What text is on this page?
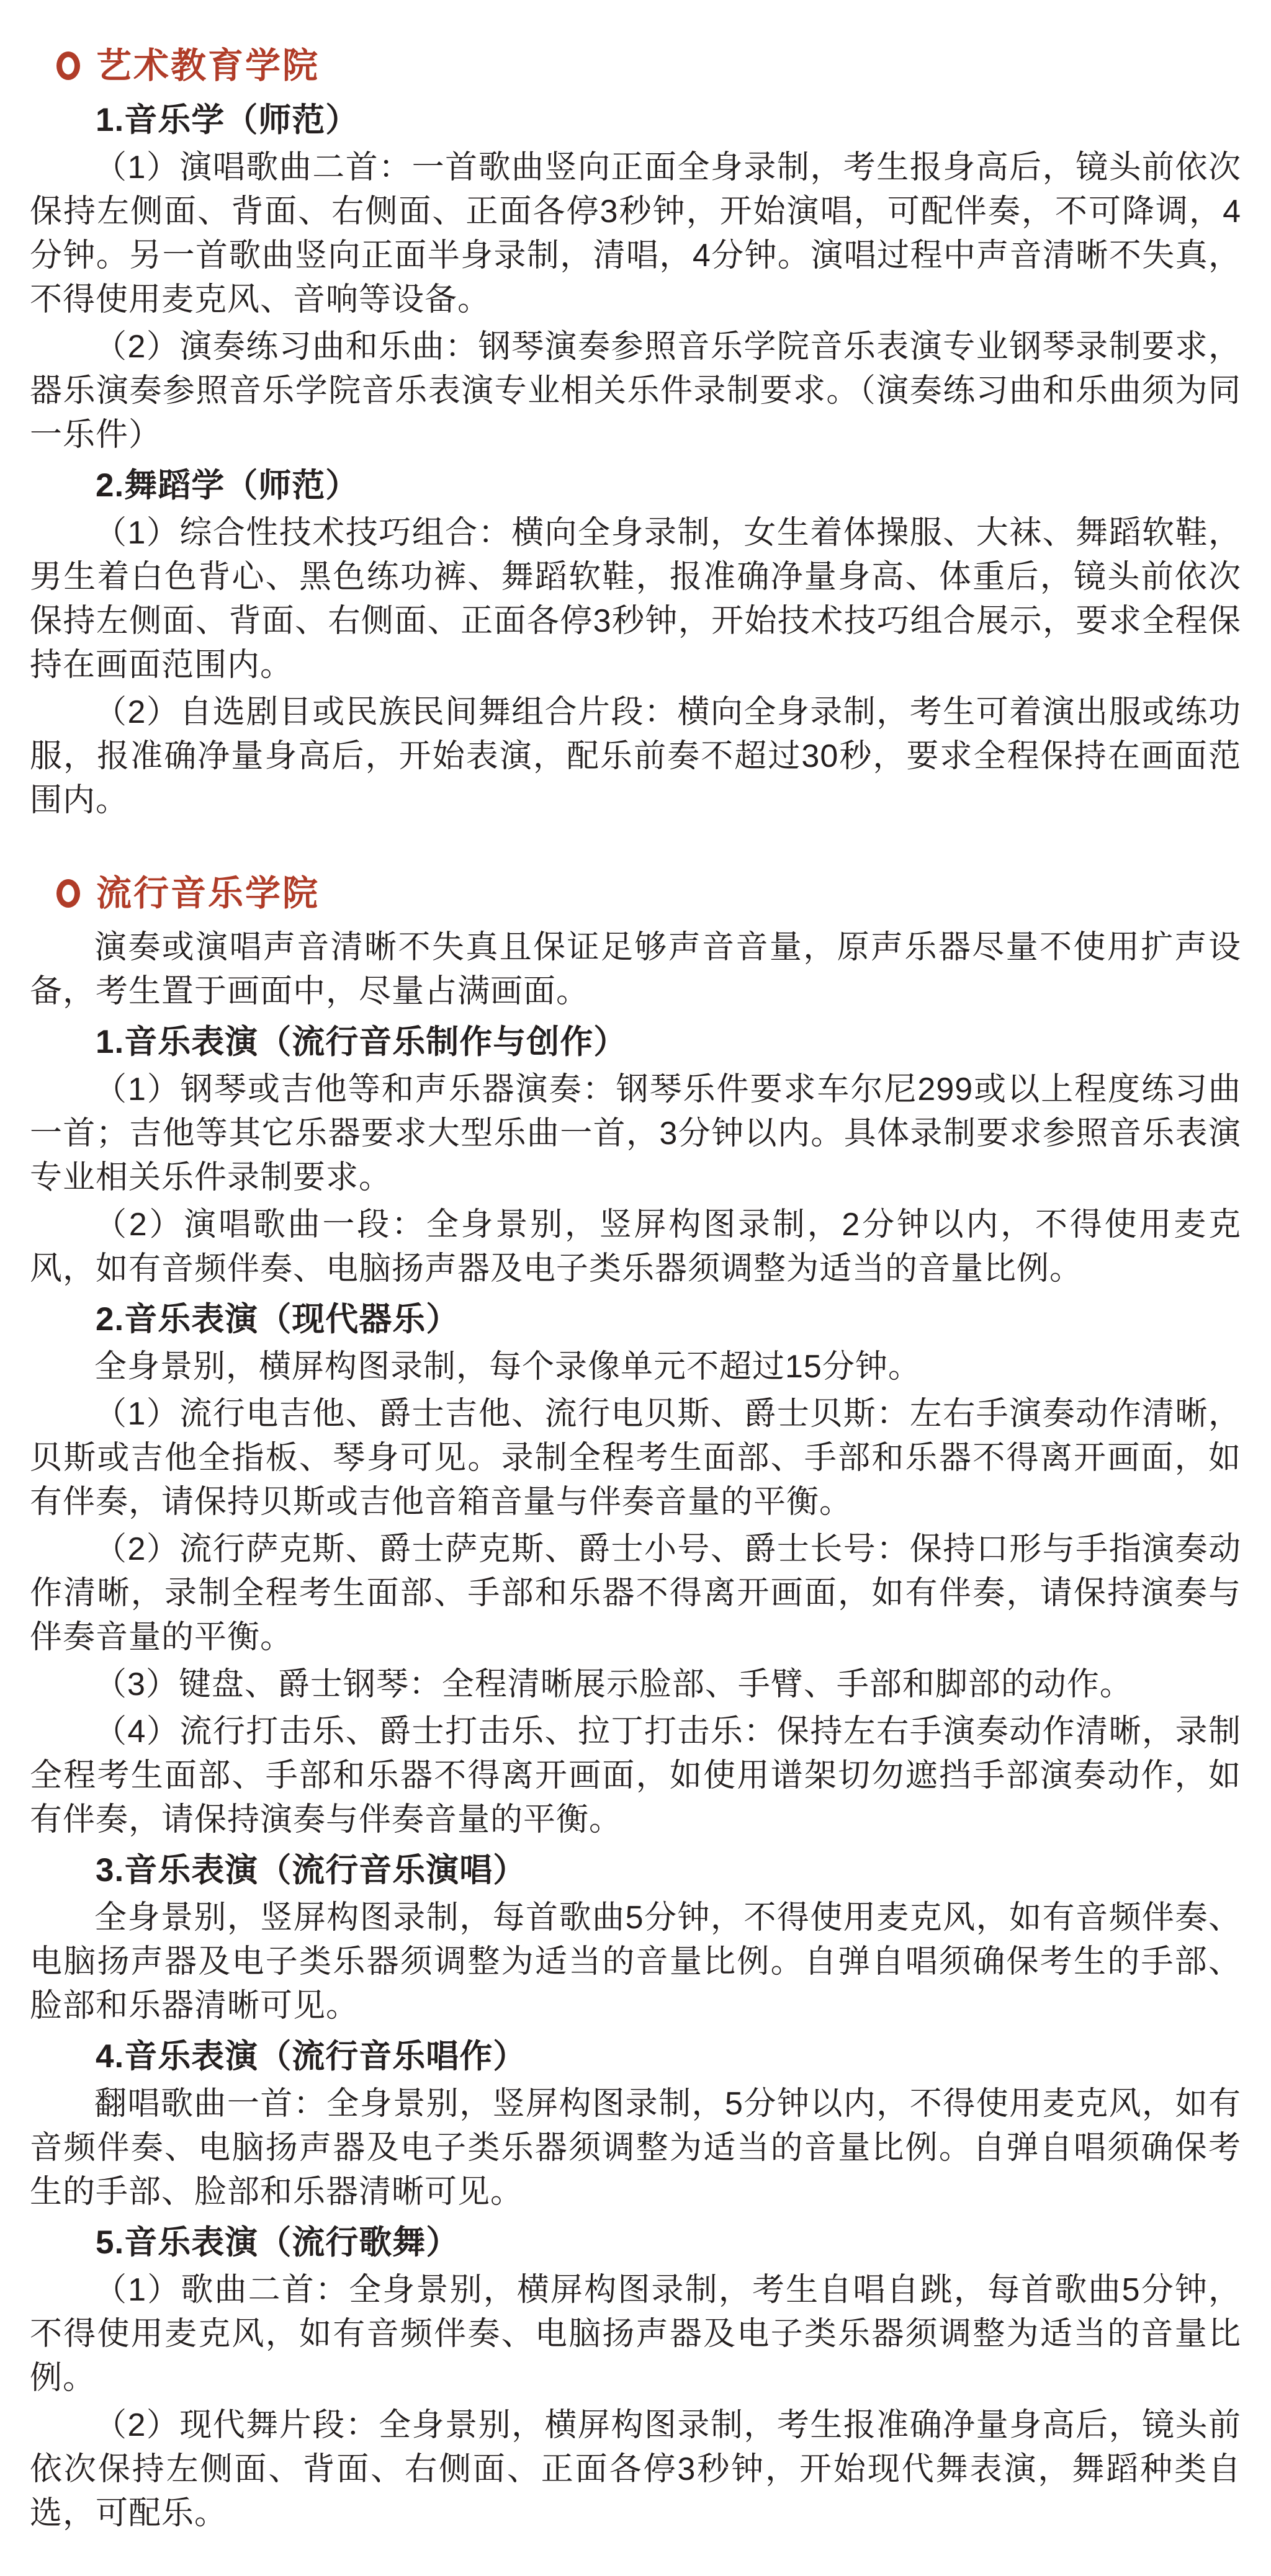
艺术教育学院
1.音乐学（师范）

（1）演唱歌曲二首：一首歌曲竖向正面全身录制，考生报身高后，镜头前依次保持左侧面、背面、右侧面、正面各停3秒钟，开始演唱，可配伴奏，不可降调，4分钟。另一首歌曲竖向正面半身录制，清唱，4分钟。演唱过程中声音清晰不失真，不得使用麦克风、音响等设备。

（2）演奏练习曲和乐曲：钢琴演奏参照音乐学院音乐表演专业钢琴录制要求，器乐演奏参照音乐学院音乐表演专业相关乐件录制要求。（演奏练习曲和乐曲须为同一乐件）

2.舞蹈学（师范）

（1）综合性技术技巧组合：横向全身录制，女生着体操服、大袜、舞蹈软鞋，男生着白色背心、黑色练功裤、舞蹈软鞋，报准确净量身高、体重后，镜头前依次保持左侧面、背面、右侧面、正面各停3秒钟，开始技术技巧组合展示，要求全程保持在画面范围内。

（2）自选剧目或民族民间舞组合片段：横向全身录制，考生可着演出服或练功服，报准确净量身高后，开始表演，配乐前奏不超过30秒，要求全程保持在画面范围内。

流行音乐学院

演奏或演唱声音清晰不失真且保证足够声音音量，原声乐器尽量不使用扩声设备，考生置于画面中，尽量占满画面。

1.音乐表演（流行音乐制作与创作）

（1）钢琴或吉他等和声乐器演奏：钢琴乐件要求车尔尼299或以上程度练习曲一首；吉他等其它乐器要求大型乐曲一首，3分钟以内。具体录制要求参照音乐表演专业相关乐件录制要求。

（2）演唱歌曲一段：全身景别，竖屏构图录制，2分钟以内，不得使用麦克风，如有音频伴奏、电脑扬声器及电子类乐器须调整为适当的音量比例。

2.音乐表演（现代器乐）

全身景别，横屏构图录制，每个录像单元不超过15分钟。

（1）流行电吉他、爵士吉他、流行电贝斯、爵士贝斯：左右手演奏动作清晰，贝斯或吉他全指板、琴身可见。录制全程考生面部、手部和乐器不得离开画面，如有伴奏，请保持贝斯或吉他音箱音量与伴奏音量的平衡。

（2）流行萨克斯、爵士萨克斯、爵士小号、爵士长号：保持口形与手指演奏动作清晰，录制全程考生面部、手部和乐器不得离开画面，如有伴奏，请保持演奏与伴奏音量的平衡。

（3）键盘、爵士钢琴：全程清晰展示脸部、手臂、手部和脚部的动作。

（4）流行打击乐、爵士打击乐、拉丁打击乐：保持左右手演奏动作清晰，录制全程考生面部、手部和乐器不得离开画面，如使用谱架切勿遮挡手部演奏动作，如有伴奏，请保持演奏与伴奏音量的平衡。

3.音乐表演（流行音乐演唱）

全身景别，竖屏构图录制，每首歌曲5分钟，不得使用麦克风，如有音频伴奏、电脑扬声器及电子类乐器须调整为适当的音量比例。自弹自唱须确保考生的手部、脸部和乐器清晰可见。

4.音乐表演（流行音乐唱作）

翻唱歌曲一首：全身景别，竖屏构图录制，5分钟以内，不得使用麦克风，如有音频伴奏、电脑扬声器及电子类乐器须调整为适当的音量比例。自弹自唱须确保考生的手部、脸部和乐器清晰可见。

5.音乐表演（流行歌舞）

（1）歌曲二首：全身景别，横屏构图录制，考生自唱自跳，每首歌曲5分钟，不得使用麦克风，如有音频伴奏、电脑扬声器及电子类乐器须调整为适当的音量比例。

（2）现代舞片段：全身景别，横屏构图录制，考生报准确净量身高后，镜头前依次保持左侧面、背面、右侧面、正面各停3秒钟，开始现代舞表演，舞蹈种类自选，可配乐。
